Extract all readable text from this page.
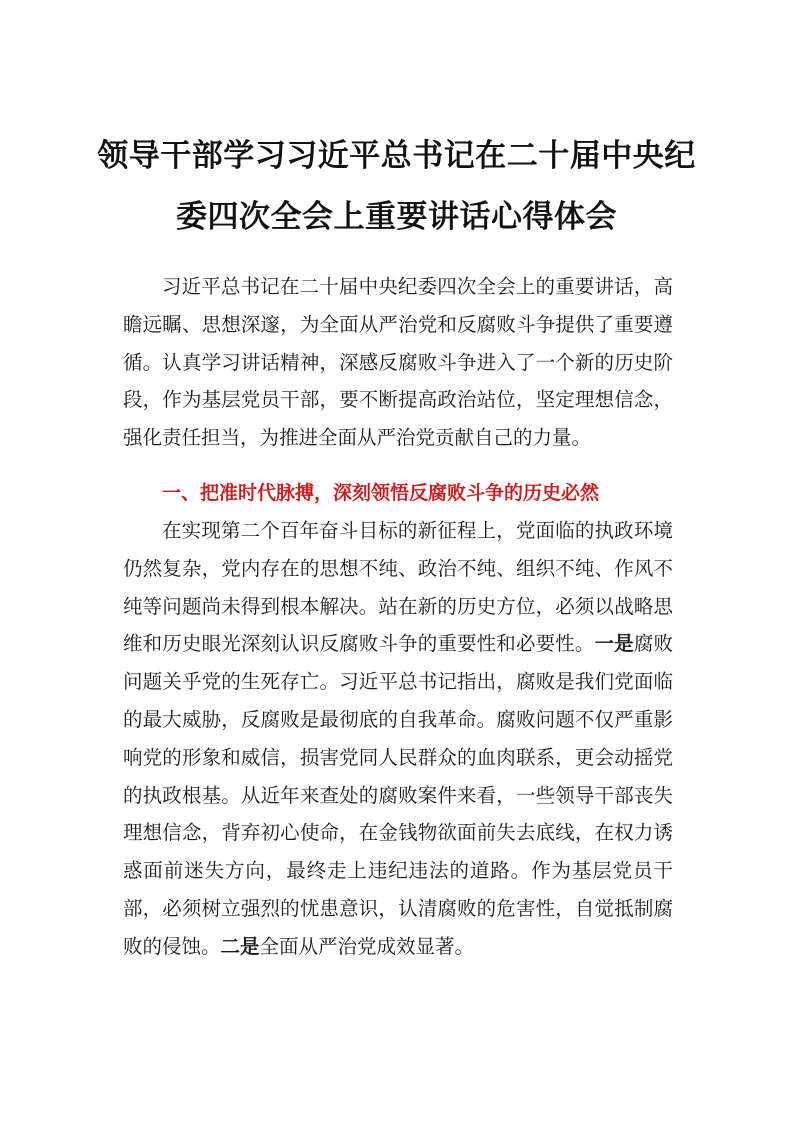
领导干部学习习近平总书记在二十届中央纪
委四次全会上重要讲话心得体会

习近平总书记在二十届中央纪委四次全会上的重要讲话，高瞻远瞩、思想深邃，为全面从严治党和反腐败斗争提供了重要遵循。认真学习讲话精神，深感反腐败斗争进入了一个新的历史阶段，作为基层党员干部，要不断提高政治站位，坚定理想信念，强化责任担当，为推进全面从严治党贡献自己的力量。

一、把准时代脉搏，深刻领悟反腐败斗争的历史必然

在实现第二个百年奋斗目标的新征程上，党面临的执政环境仍然复杂，党内存在的思想不纯、政治不纯、组织不纯、作风不纯等问题尚未得到根本解决。站在新的历史方位，必须以战略思维和历史眼光深刻认识反腐败斗争的重要性和必要性。一是腐败问题关乎党的生死存亡。习近平总书记指出，腐败是我们党面临的最大威胁，反腐败是最彻底的自我革命。腐败问题不仅严重影响党的形象和威信，损害党同人民群众的血肉联系，更会动摇党的执政根基。从近年来查处的腐败案件来看，一些领导干部丧失理想信念，背弃初心使命，在金钱物欲面前失去底线，在权力诱惑面前迷失方向，最终走上违纪违法的道路。作为基层党员干部，必须树立强烈的忧患意识，认清腐败的危害性，自觉抵制腐败的侵蚀。二是全面从严治党成效显著。
